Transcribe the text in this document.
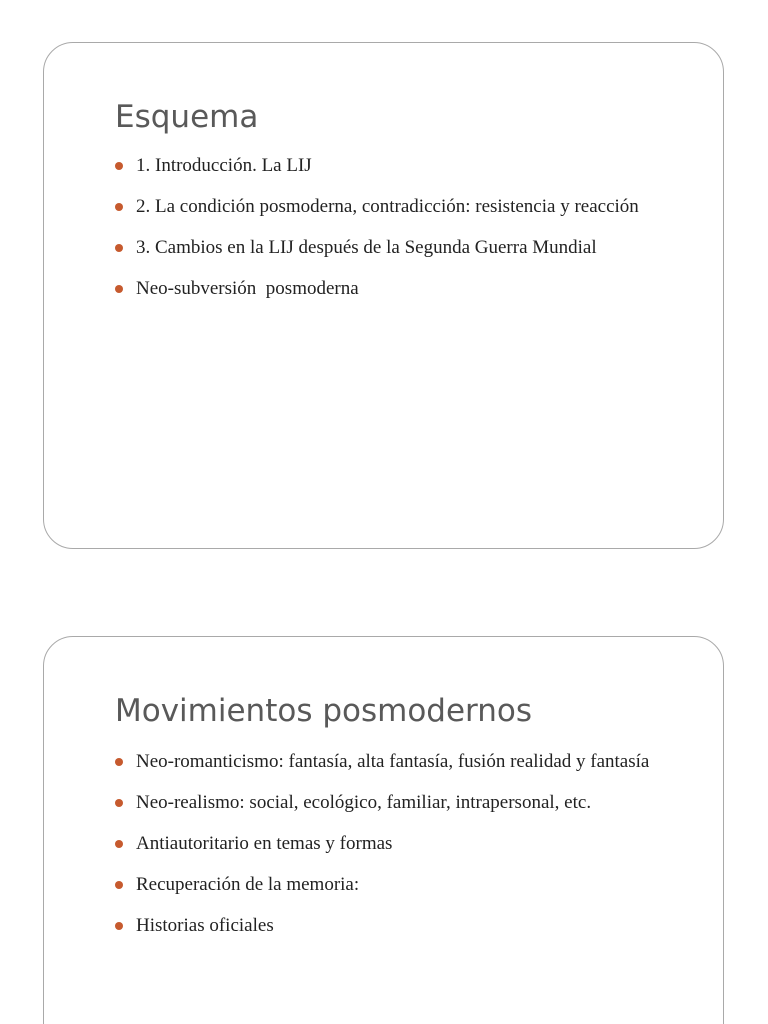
Esquema
1. Introducción. La LIJ
2. La condición posmoderna, contradicción: resistencia y reacción
3. Cambios en la LIJ después de la Segunda Guerra Mundial
Neo-subversión  posmoderna
Movimientos posmodernos
Neo-romanticismo: fantasía, alta fantasía, fusión realidad y fantasía
Neo-realismo: social, ecológico, familiar, intrapersonal, etc.
Antiautoritario en temas y formas
Recuperación de la memoria:
Historias oficiales
